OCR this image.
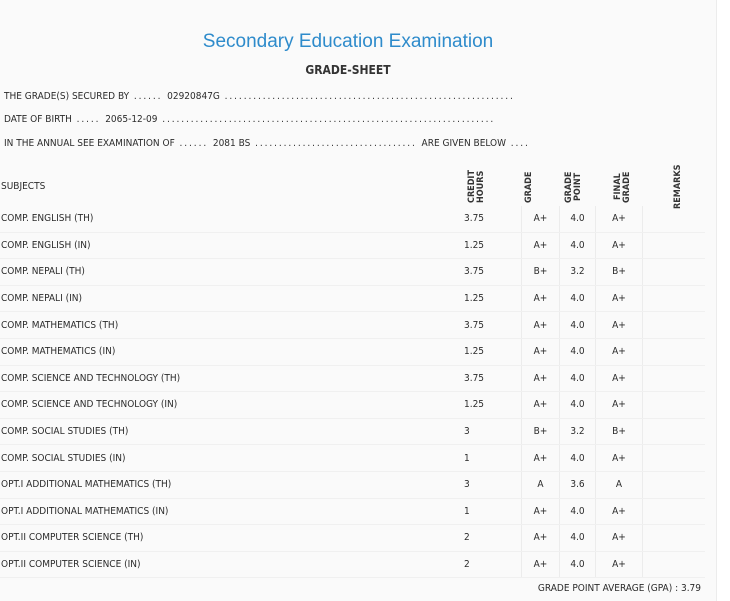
Secondary Education Examination
GRADE-SHEET
THE GRADE(S) SECURED BY ...... 02920847G .............................................................
DATE OF BIRTH ..... 2065-12-09 ......................................................................
IN THE ANNUAL SEE EXAMINATION OF ...... 2081 BS .................................. ARE GIVEN BELOW ....
SUBJECTS	CREDIT HOURS	GRADE	GRADE POINT	FINAL GRADE	REMARKS
COMP. ENGLISH (TH)	3.75	A+	4.0	A+	
COMP. ENGLISH (IN)	1.25	A+	4.0	A+	
COMP. NEPALI (TH)	3.75	B+	3.2	B+	
COMP. NEPALI (IN)	1.25	A+	4.0	A+	
COMP. MATHEMATICS (TH)	3.75	A+	4.0	A+	
COMP. MATHEMATICS (IN)	1.25	A+	4.0	A+	
COMP. SCIENCE AND TECHNOLOGY (TH)	3.75	A+	4.0	A+	
COMP. SCIENCE AND TECHNOLOGY (IN)	1.25	A+	4.0	A+	
COMP. SOCIAL STUDIES (TH)	3	B+	3.2	B+	
COMP. SOCIAL STUDIES (IN)	1	A+	4.0	A+	
OPT.I ADDITIONAL MATHEMATICS (TH)	3	A	3.6	A	
OPT.I ADDITIONAL MATHEMATICS (IN)	1	A+	4.0	A+	
OPT.II COMPUTER SCIENCE (TH)	2	A+	4.0	A+	
OPT.II COMPUTER SCIENCE (IN)	2	A+	4.0	A+	
GRADE POINT AVERAGE (GPA) : 3.79
